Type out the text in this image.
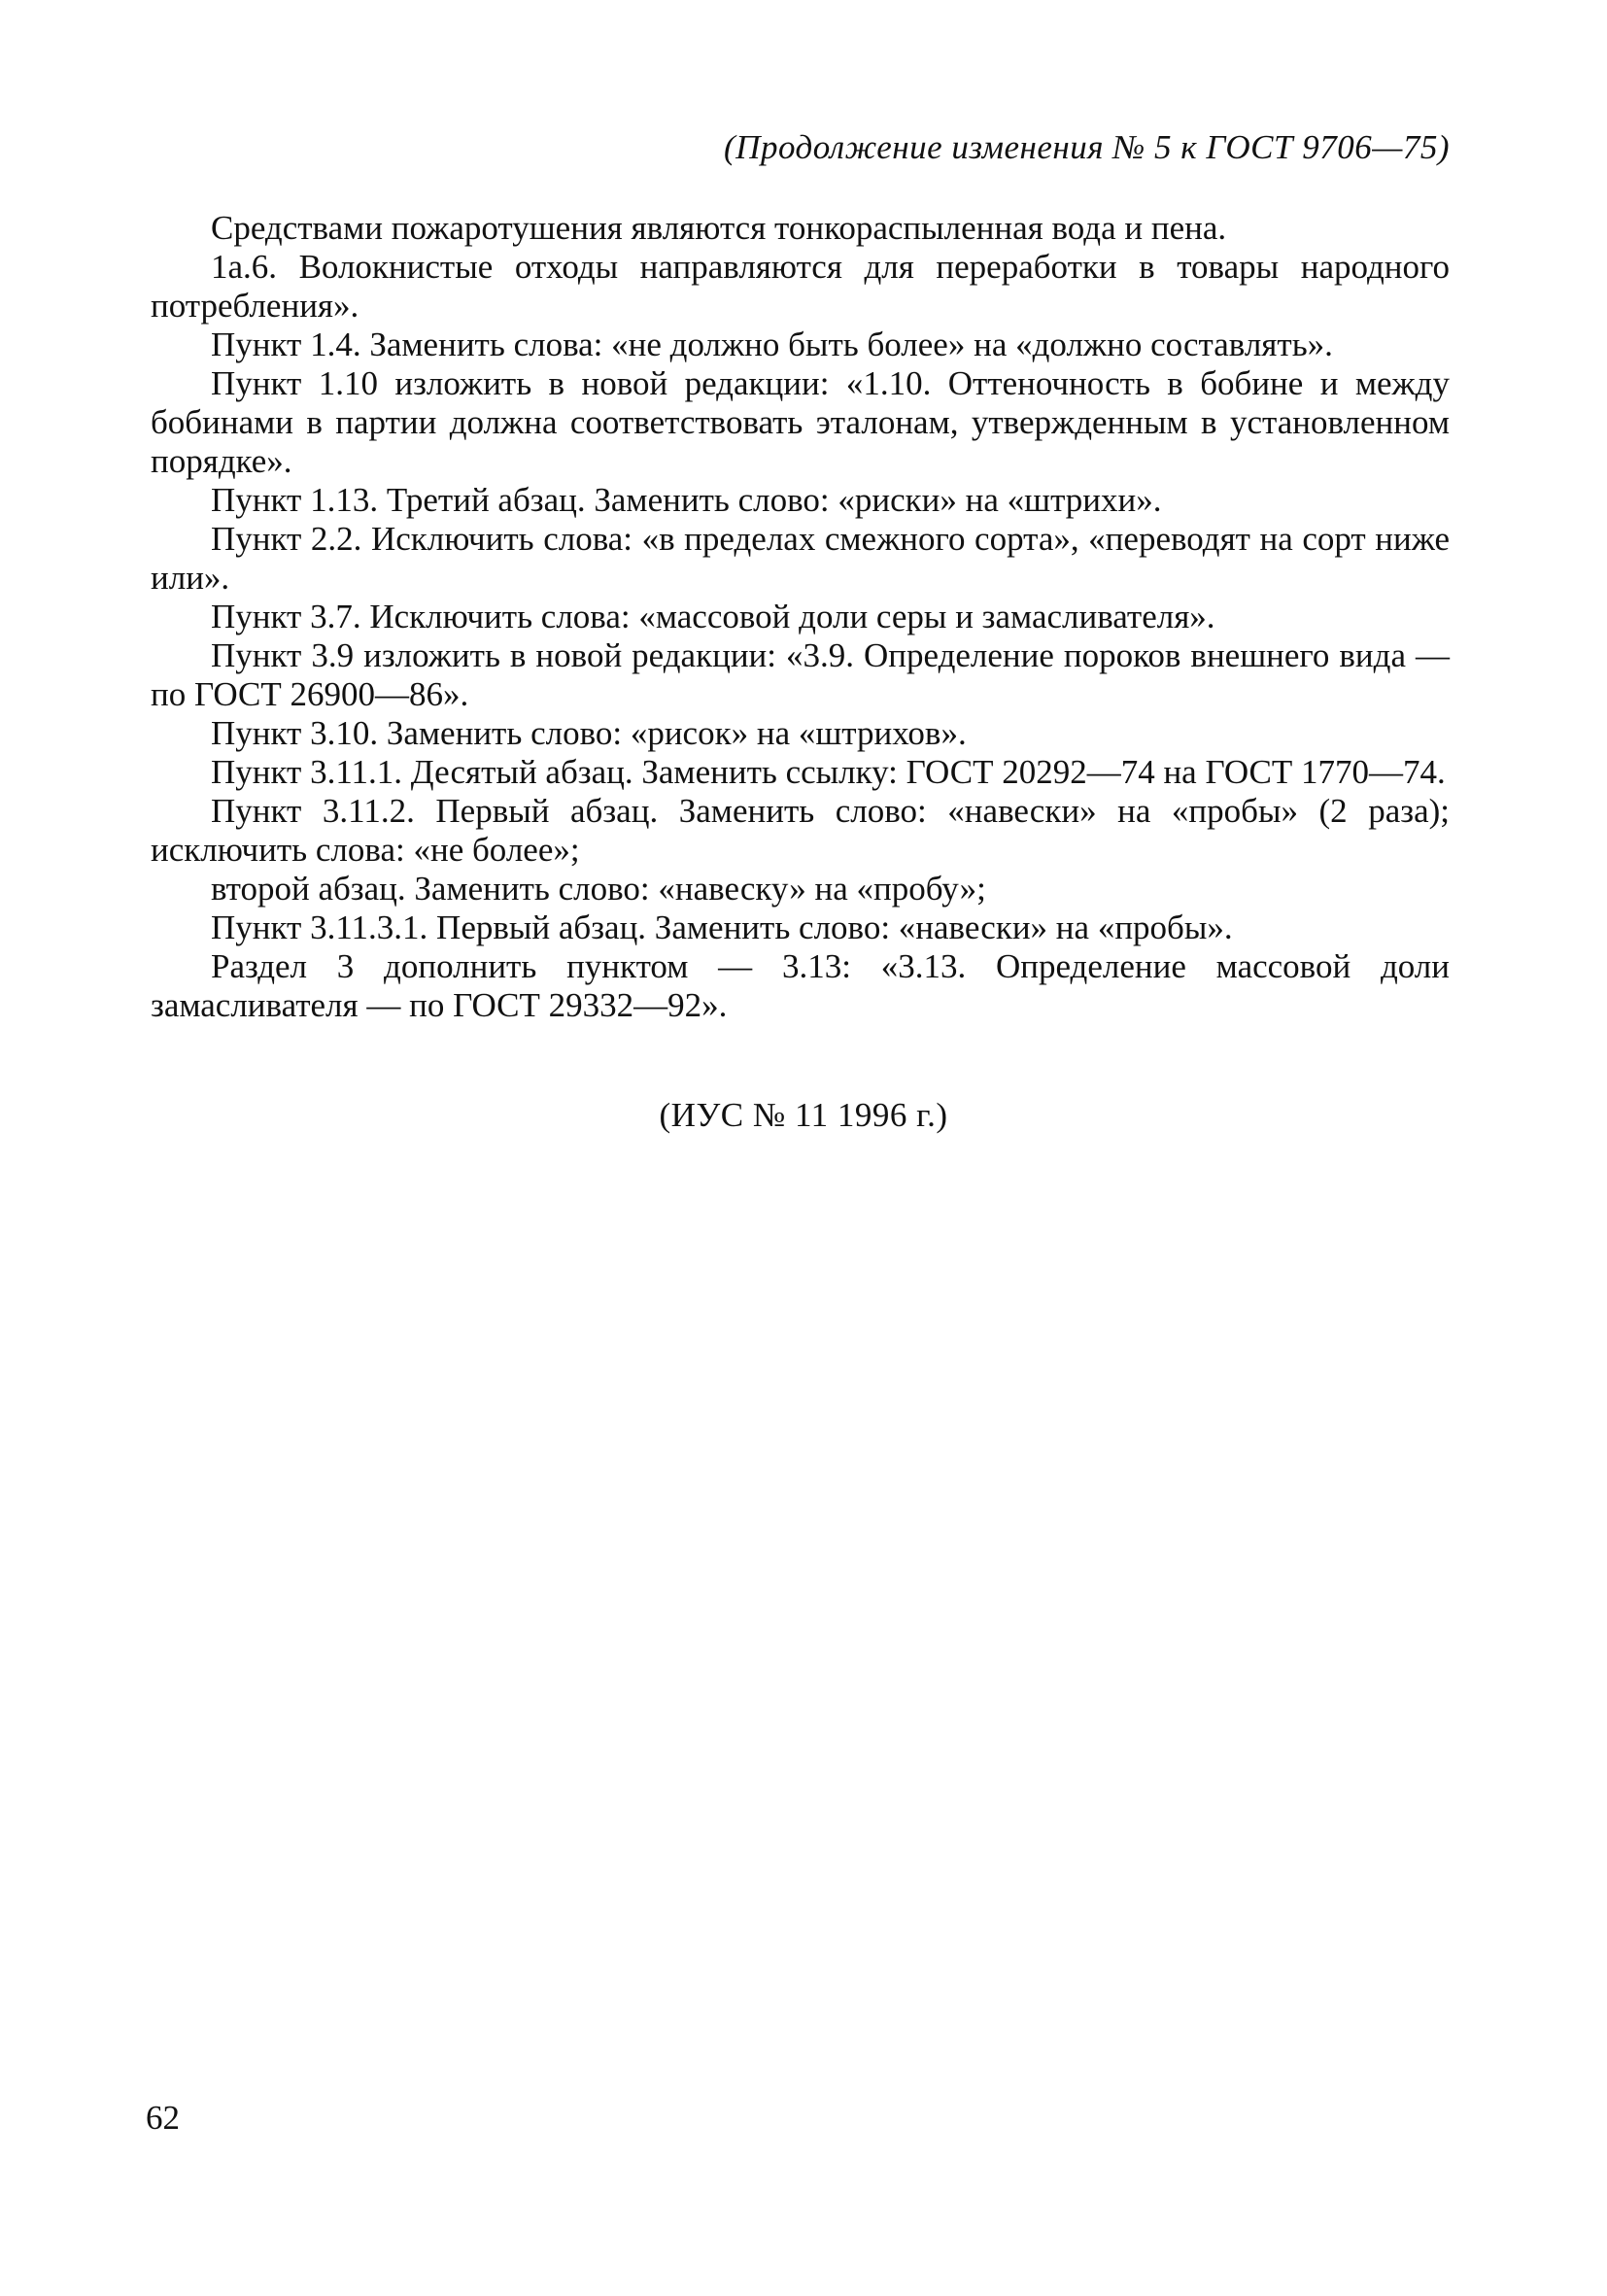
(Продолжение изменения № 5 к ГОСТ 9706—75)

Средствами пожаротушения являются тонкораспыленная вода и пена.

1а.6. Волокнистые отходы направляются для переработки в товары народного потребления».

Пункт 1.4. Заменить слова: «не должно быть более» на «должно составлять».

Пункт 1.10 изложить в новой редакции: «1.10. Оттеночность в бобине и между бобинами в партии должна соответствовать эталонам, утвержденным в установленном порядке».

Пункт 1.13. Третий абзац. Заменить слово: «риски» на «штрихи».

Пункт 2.2. Исключить слова: «в пределах смежного сорта», «переводят на сорт ниже или».

Пункт 3.7. Исключить слова: «массовой доли серы и замасливателя».

Пункт 3.9 изложить в новой редакции: «3.9. Определение пороков внешнего вида — по ГОСТ 26900—86».

Пункт 3.10. Заменить слово: «рисок» на «штрихов».

Пункт 3.11.1. Десятый абзац. Заменить ссылку: ГОСТ 20292—74 на ГОСТ 1770—74.

Пункт 3.11.2. Первый абзац. Заменить слово: «навески» на «пробы» (2 раза); исключить слова: «не более»;

второй абзац. Заменить слово: «навеску» на «пробу»;

Пункт 3.11.3.1. Первый абзац. Заменить слово: «навески» на «пробы».

Раздел 3 дополнить пунктом — 3.13: «3.13. Определение массовой доли замасливателя — по ГОСТ 29332—92».

(ИУС № 11 1996 г.)
62
